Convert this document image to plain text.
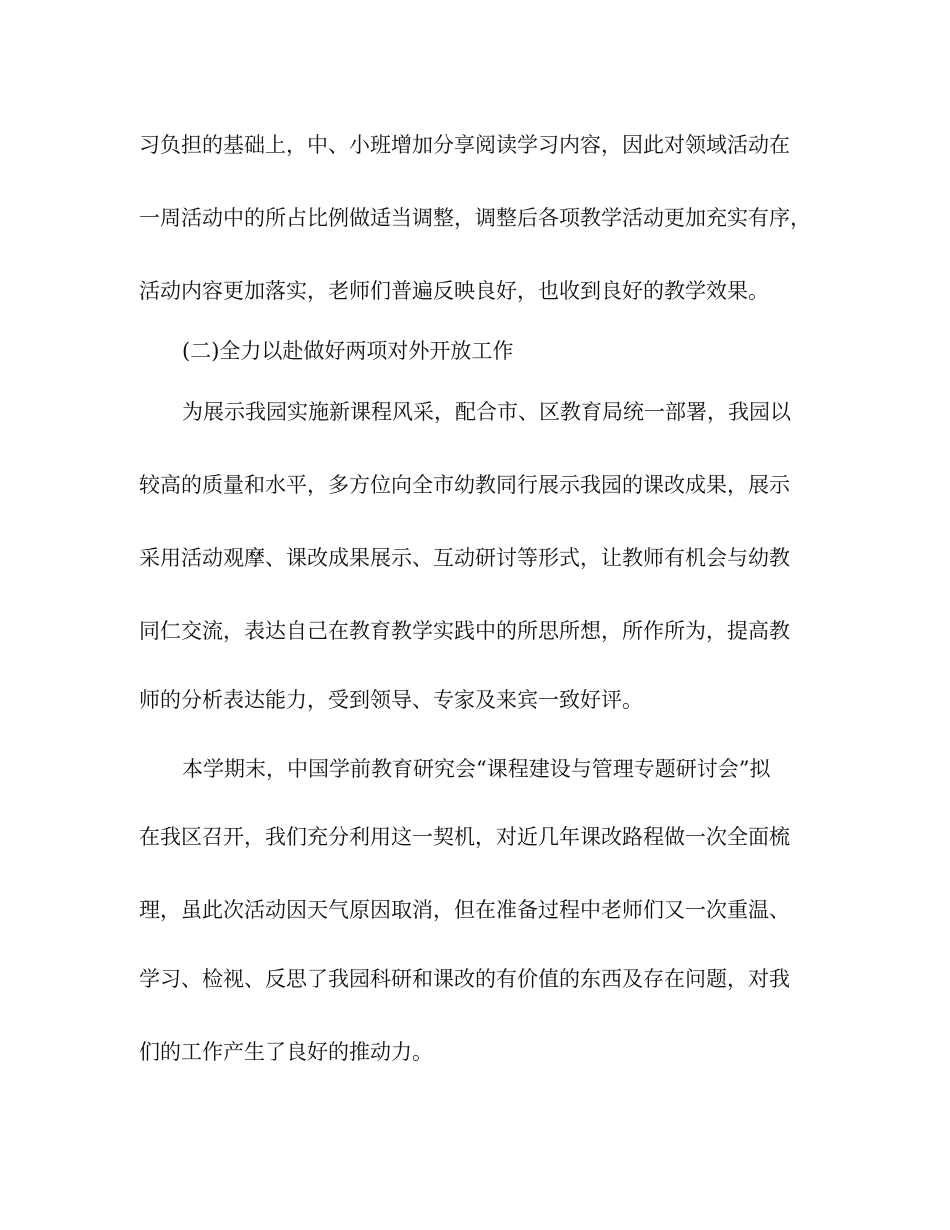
习负担的基础上，中、小班增加分享阅读学习内容，因此对领域活动在
一周活动中的所占比例做适当调整，调整后各项教学活动更加充实有序，
活动内容更加落实，老师们普遍反映良好，也收到良好的教学效果。
(二)全力以赴做好两项对外开放工作
为展示我园实施新课程风采，配合市、区教育局统一部署，我园以
较高的质量和水平，多方位向全市幼教同行展示我园的课改成果，展示
采用活动观摩、课改成果展示、互动研讨等形式，让教师有机会与幼教
同仁交流，表达自己在教育教学实践中的所思所想，所作所为，提高教
师的分析表达能力，受到领导、专家及来宾一致好评。
本学期末，中国学前教育研究会“课程建设与管理专题研讨会”拟
在我区召开，我们充分利用这一契机，对近几年课改路程做一次全面梳
理，虽此次活动因天气原因取消，但在准备过程中老师们又一次重温、
学习、检视、反思了我园科研和课改的有价值的东西及存在问题，对我
们的工作产生了良好的推动力。
